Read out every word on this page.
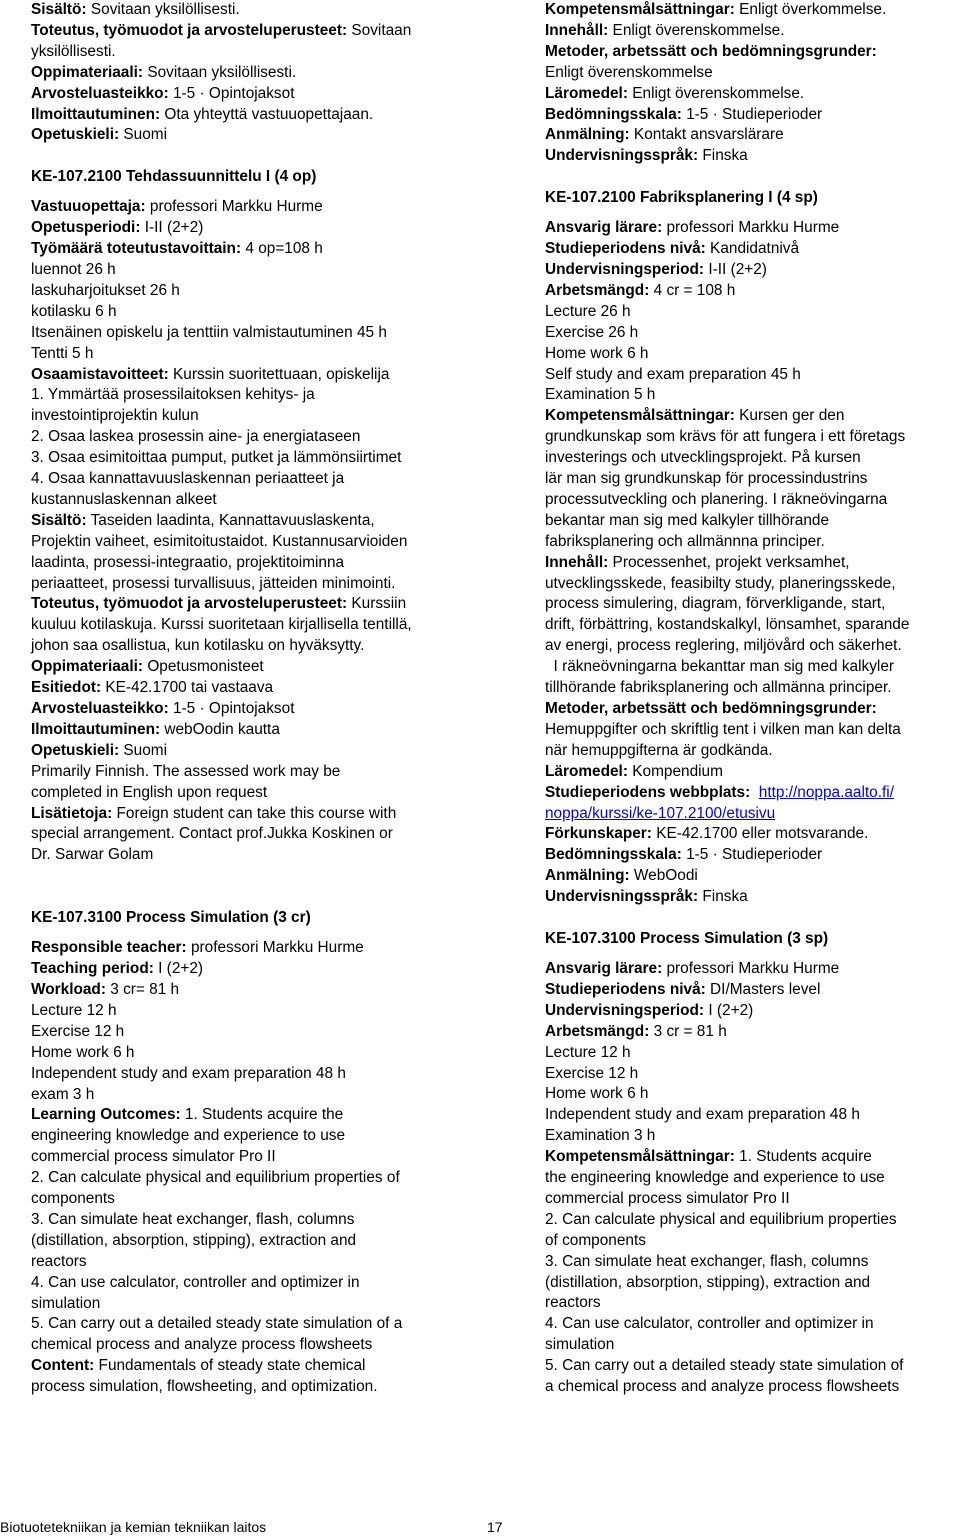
Sisältö: Sovitaan yksilöllisesti.
Toteutus, työmuodot ja arvosteluperusteet: Sovitaan
yksilöllisesti.
Oppimateriaali: Sovitaan yksilöllisesti.
Arvosteluasteikko: 1-5 · Opintojaksot
Ilmoittautuminen: Ota yhteyttä vastuuopettajaan.
Opetuskieli: Suomi
KE-107.2100 Tehdassuunnittelu I (4 op)
Vastuuopettaja: professori Markku Hurme
Opetusperiodi: I-II (2+2)
Työmäärä toteutustavoittain: 4 op=108 h
luennot 26 h
laskuharjoitukset 26 h
kotilasku 6 h
Itsenäinen opiskelu ja tenttiin valmistautuminen 45 h
Tentti 5 h
Osaamistavoitteet: Kurssin suoritettuaan, opiskelija
1. Ymmärtää prosessilaitoksen kehitys- ja
investointiprojektin kulun
2. Osaa laskea prosessin aine- ja energiataseen
3. Osaa esimitoittaa pumput, putket ja lämmönsiirtimet
4. Osaa kannattavuuslaskennan periaatteet ja
kustannuslaskennan alkeet
Sisältö: Taseiden laadinta, Kannattavuuslaskenta,
Projektin vaiheet, esimitoitustaidot. Kustannusarvioiden
laadinta, prosessi-integraatio, projektitoiminna
periaatteet, prosessi turvallisuus, jätteiden minimointi.
Toteutus, työmuodot ja arvosteluperusteet: Kurssiin
kuuluu kotilaskuja. Kurssi suoritetaan kirjallisella tentillä,
johon saa osallistua, kun kotilasku on hyväksytty.
Oppimateriaali: Opetusmonisteet
Esitiedot: KE-42.1700 tai vastaava
Arvosteluasteikko: 1-5 · Opintojaksot
Ilmoittautuminen: webOodin kautta
Opetuskieli: Suomi
Primarily Finnish. The assessed work may be
completed in English upon request
Lisätietoja: Foreign student can take this course with
special arrangement. Contact prof.Jukka Koskinen or
Dr. Sarwar Golam
KE-107.3100 Process Simulation (3 cr)
Responsible teacher: professori Markku Hurme
Teaching period: I (2+2)
Workload: 3 cr= 81 h
Lecture 12 h
Exercise 12 h
Home work 6 h
Independent study and exam preparation 48 h
exam 3 h
Learning Outcomes: 1. Students acquire the
engineering knowledge and experience to use
commercial process simulator Pro II
2. Can calculate physical and equilibrium properties of
components
3. Can simulate heat exchanger, flash, columns
(distillation, absorption, stipping), extraction and
reactors
4. Can use calculator, controller and optimizer in
simulation
5. Can carry out a detailed steady state simulation of a
chemical process and analyze process flowsheets
Content: Fundamentals of steady state chemical
process simulation, flowsheeting, and optimization.
Kompetensmålsättningar: Enligt överkommelse.
Innehåll: Enligt överenskommelse.
Metoder, arbetssätt och bedömningsgrunder:
Enligt överenskommelse
Läromedel: Enligt överenskommelse.
Bedömningsskala: 1-5 · Studieperioder
Anmälning: Kontakt ansvarslärare
Undervisningsspråk: Finska
KE-107.2100 Fabriksplanering I (4 sp)
Ansvarig lärare: professori Markku Hurme
Studieperiodens nivå: Kandidatnivå
Undervisningsperiod: I-II (2+2)
Arbetsmängd: 4 cr = 108 h
Lecture 26 h
Exercise 26 h
Home work 6 h
Self study and exam preparation 45 h
Examination 5 h
Kompetensmålsättningar: Kursen ger den
grundkunskap som krävs för att fungera i ett företags
investerings och utvecklingsprojekt. På kursen
lär man sig grundkunskap för processindustrins
processutveckling och planering. I räkneövingarna
bekantar man sig med kalkyler tillhörande
fabriksplanering och allmännna principer.
Innehåll: Processenhet, projekt verksamhet,
utvecklingsskede, feasibilty study, planeringsskede,
process simulering, diagram, förverkligande, start,
drift, förbättring, kostandskalkyl, lönsamhet, sparande
av energi, process reglering, miljövård och säkerhet.
I räkneövningarna bekanttar man sig med kalkyler
tillhörande fabriksplanering och allmänna principer.
Metoder, arbetssätt och bedömningsgrunder:
Hemuppgifter och skriftlig tent i vilken man kan delta
när hemuppgifterna är godkända.
Läromedel: Kompendium
Studieperiodens webbplats: http://noppa.aalto.fi/
noppa/kurssi/ke-107.2100/etusivu
Förkunskaper: KE-42.1700 eller motsvarande.
Bedömningsskala: 1-5 · Studieperioder
Anmälning: WebOodi
Undervisningsspråk: Finska
KE-107.3100 Process Simulation (3 sp)
Ansvarig lärare: professori Markku Hurme
Studieperiodens nivå: DI/Masters level
Undervisningsperiod: I (2+2)
Arbetsmängd: 3 cr = 81 h
Lecture 12 h
Exercise 12 h
Home work 6 h
Independent study and exam preparation 48 h
Examination 3 h
Kompetensmålsättningar: 1. Students acquire
the engineering knowledge and experience to use
commercial process simulator Pro II
2. Can calculate physical and equilibrium properties
of components
3. Can simulate heat exchanger, flash, columns
(distillation, absorption, stipping), extraction and
reactors
4. Can use calculator, controller and optimizer in
simulation
5. Can carry out a detailed steady state simulation of
a chemical process and analyze process flowsheets
Biotuotetekniikan ja kemian tekniikan laitos	17
